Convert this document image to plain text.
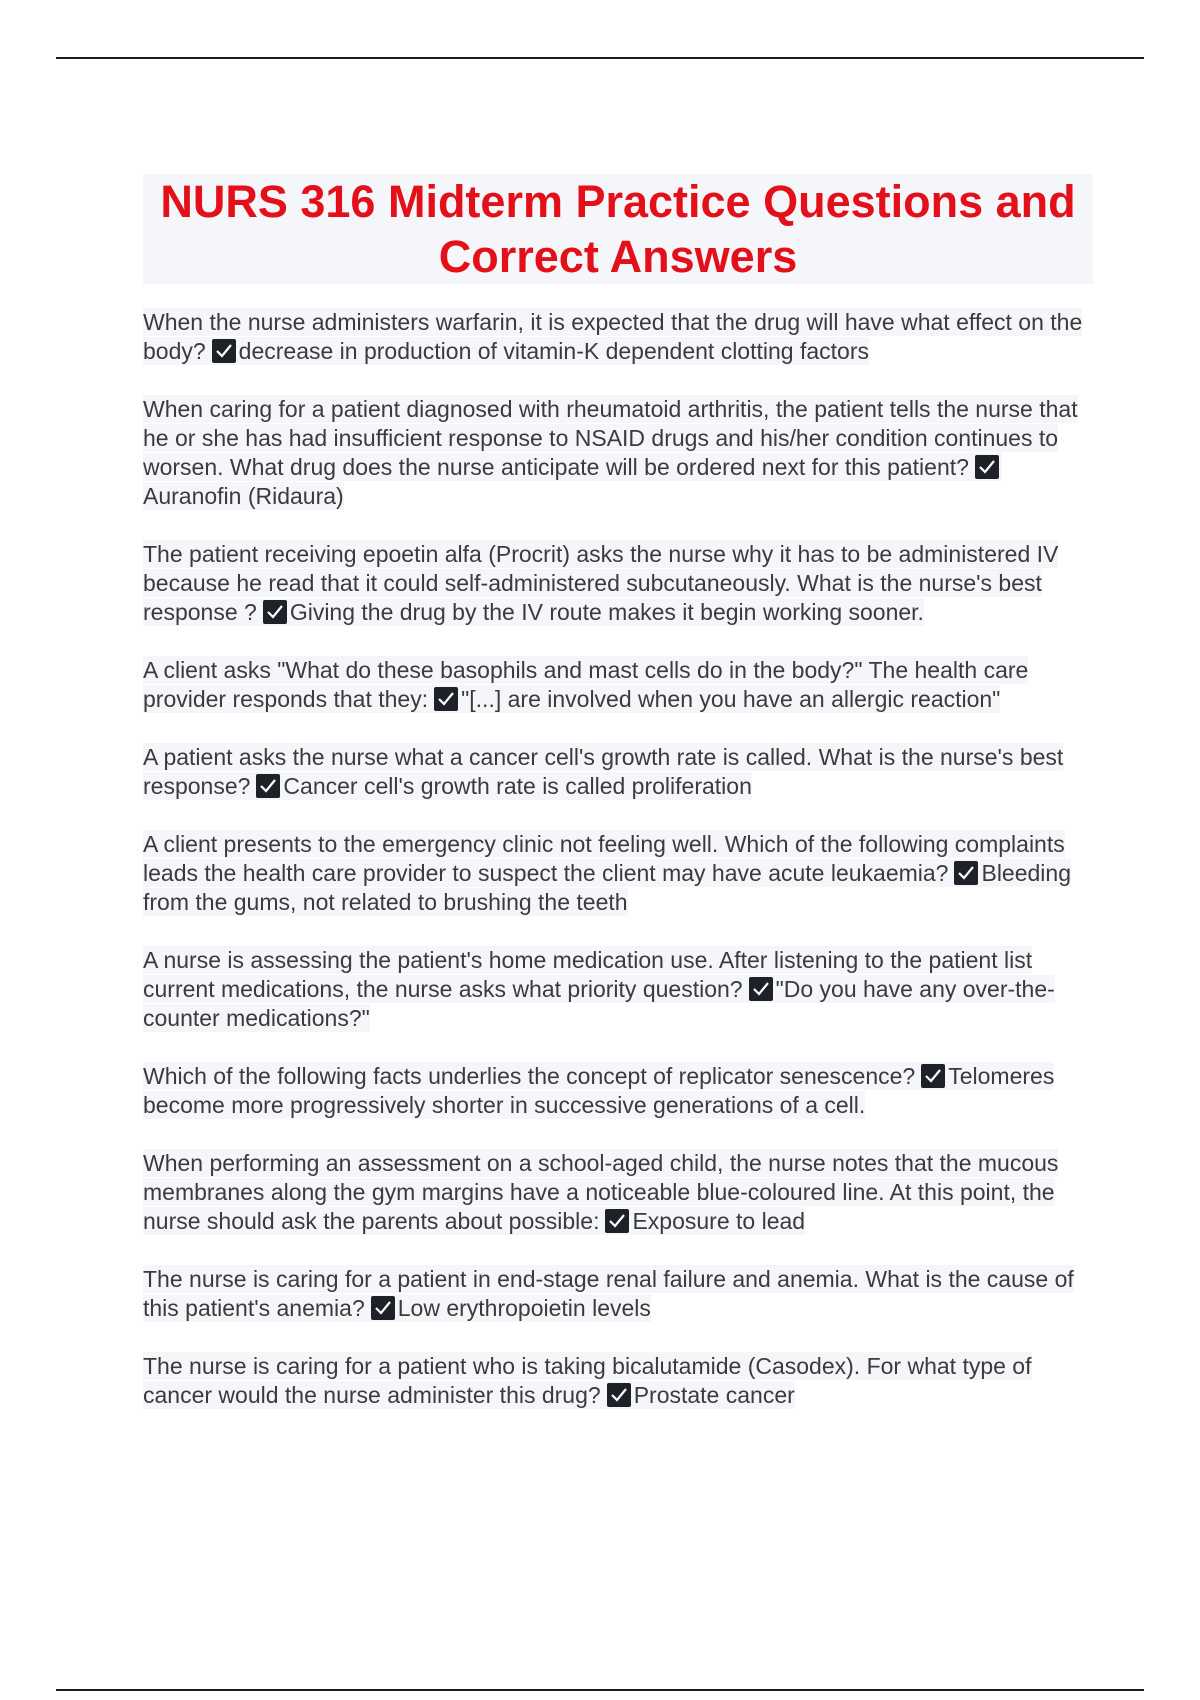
NURS 316 Midterm Practice Questions and Correct Answers

When the nurse administers warfarin, it is expected that the drug will have what effect on the body? decrease in production of vitamin-K dependent clotting factors

When caring for a patient diagnosed with rheumatoid arthritis, the patient tells the nurse that he or she has had insufficient response to NSAID drugs and his/her condition continues to worsen. What drug does the nurse anticipate will be ordered next for this patient?
Auranofin (Ridaura)

The patient receiving epoetin alfa (Procrit) asks the nurse why it has to be administered IV because he read that it could self-administered subcutaneously. What is the nurse's best response ? Giving the drug by the IV route makes it begin working sooner.

A client asks "What do these basophils and mast cells do in the body?" The health care provider responds that they: "[...] are involved when you have an allergic reaction"

A patient asks the nurse what a cancer cell's growth rate is called. What is the nurse's best response? Cancer cell's growth rate is called proliferation

A client presents to the emergency clinic not feeling well. Which of the following complaints leads the health care provider to suspect the client may have acute leukaemia? Bleeding from the gums, not related to brushing the teeth

A nurse is assessing the patient's home medication use. After listening to the patient list current medications, the nurse asks what priority question? "Do you have any over-the-counter medications?"

Which of the following facts underlies the concept of replicator senescence? Telomeres become more progressively shorter in successive generations of a cell.

When performing an assessment on a school-aged child, the nurse notes that the mucous membranes along the gym margins have a noticeable blue-coloured line. At this point, the nurse should ask the parents about possible: Exposure to lead

The nurse is caring for a patient in end-stage renal failure and anemia. What is the cause of this patient's anemia? Low erythropoietin levels

The nurse is caring for a patient who is taking bicalutamide (Casodex). For what type of cancer would the nurse administer this drug? Prostate cancer
